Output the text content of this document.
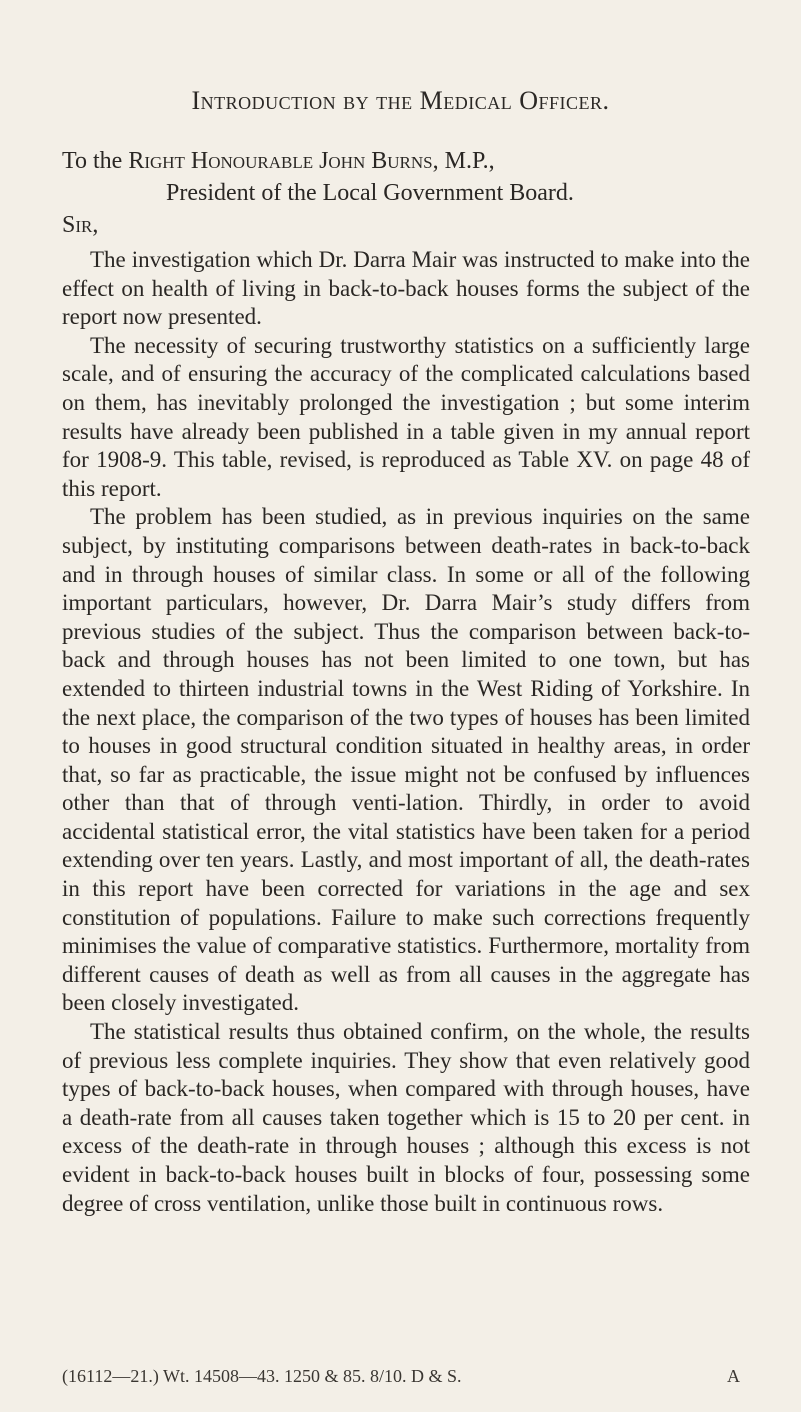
Introduction by the Medical Officer.

To the Right Honourable John Burns, M.P.,

President of the Local Government Board.

Sir,

The investigation which Dr. Darra Mair was instructed to make into the effect on health of living in back-to-back houses forms the subject of the report now presented.

The necessity of securing trustworthy statistics on a sufficiently large scale, and of ensuring the accuracy of the complicated calculations based on them, has inevitably prolonged the investigation ; but some interim results have already been published in a table given in my annual report for 1908-9. This table, revised, is reproduced as Table XV. on page 48 of this report.

The problem has been studied, as in previous inquiries on the same subject, by instituting comparisons between death-rates in back-to-back and in through houses of similar class. In some or all of the following important particulars, however, Dr. Darra Mair’s study differs from previous studies of the subject. Thus the comparison between back-to-back and through houses has not been limited to one town, but has extended to thirteen industrial towns in the West Riding of Yorkshire. In the next place, the comparison of the two types of houses has been limited to houses in good structural condition situated in healthy areas, in order that, so far as practicable, the issue might not be confused by influences other than that of through venti-lation. Thirdly, in order to avoid accidental statistical error, the vital statistics have been taken for a period extending over ten years. Lastly, and most important of all, the death-rates in this report have been corrected for variations in the age and sex constitution of populations. Failure to make such corrections frequently minimises the value of comparative statistics. Furthermore, mortality from different causes of death as well as from all causes in the aggregate has been closely investigated.

The statistical results thus obtained confirm, on the whole, the results of previous less complete inquiries. They show that even relatively good types of back-to-back houses, when compared with through houses, have a death-rate from all causes taken together which is 15 to 20 per cent. in excess of the death-rate in through houses ; although this excess is not evident in back-to-back houses built in blocks of four, possessing some degree of cross ventilation, unlike those built in continuous rows.

(16112—21.) Wt. 14508—43. 1250 & 85. 8/10. D & S.	A
